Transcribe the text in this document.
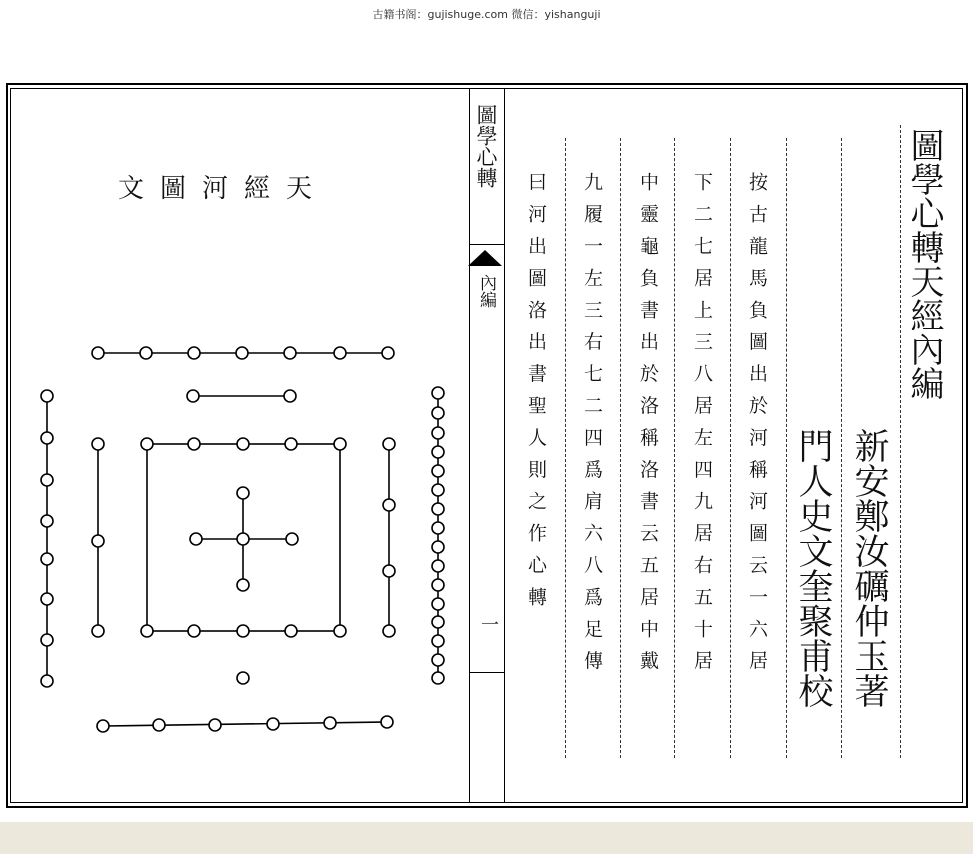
古籍书阁：gujishuge.com 微信：yishanguji
圖學心轉
內編
一
文圖河經天	圖學心轉天經內編
新安鄭汝礪仲玉著
門人史文奎聚甫校
按古龍馬負圖出於河稱河圖云一六居
下二七居上三八居左四九居右五十居
中靈龜負書出於洛稱洛書云五居中戴
九履一左三右七二四爲肩六八爲足傳
曰河出圖洛出書聖人則之作心轉
